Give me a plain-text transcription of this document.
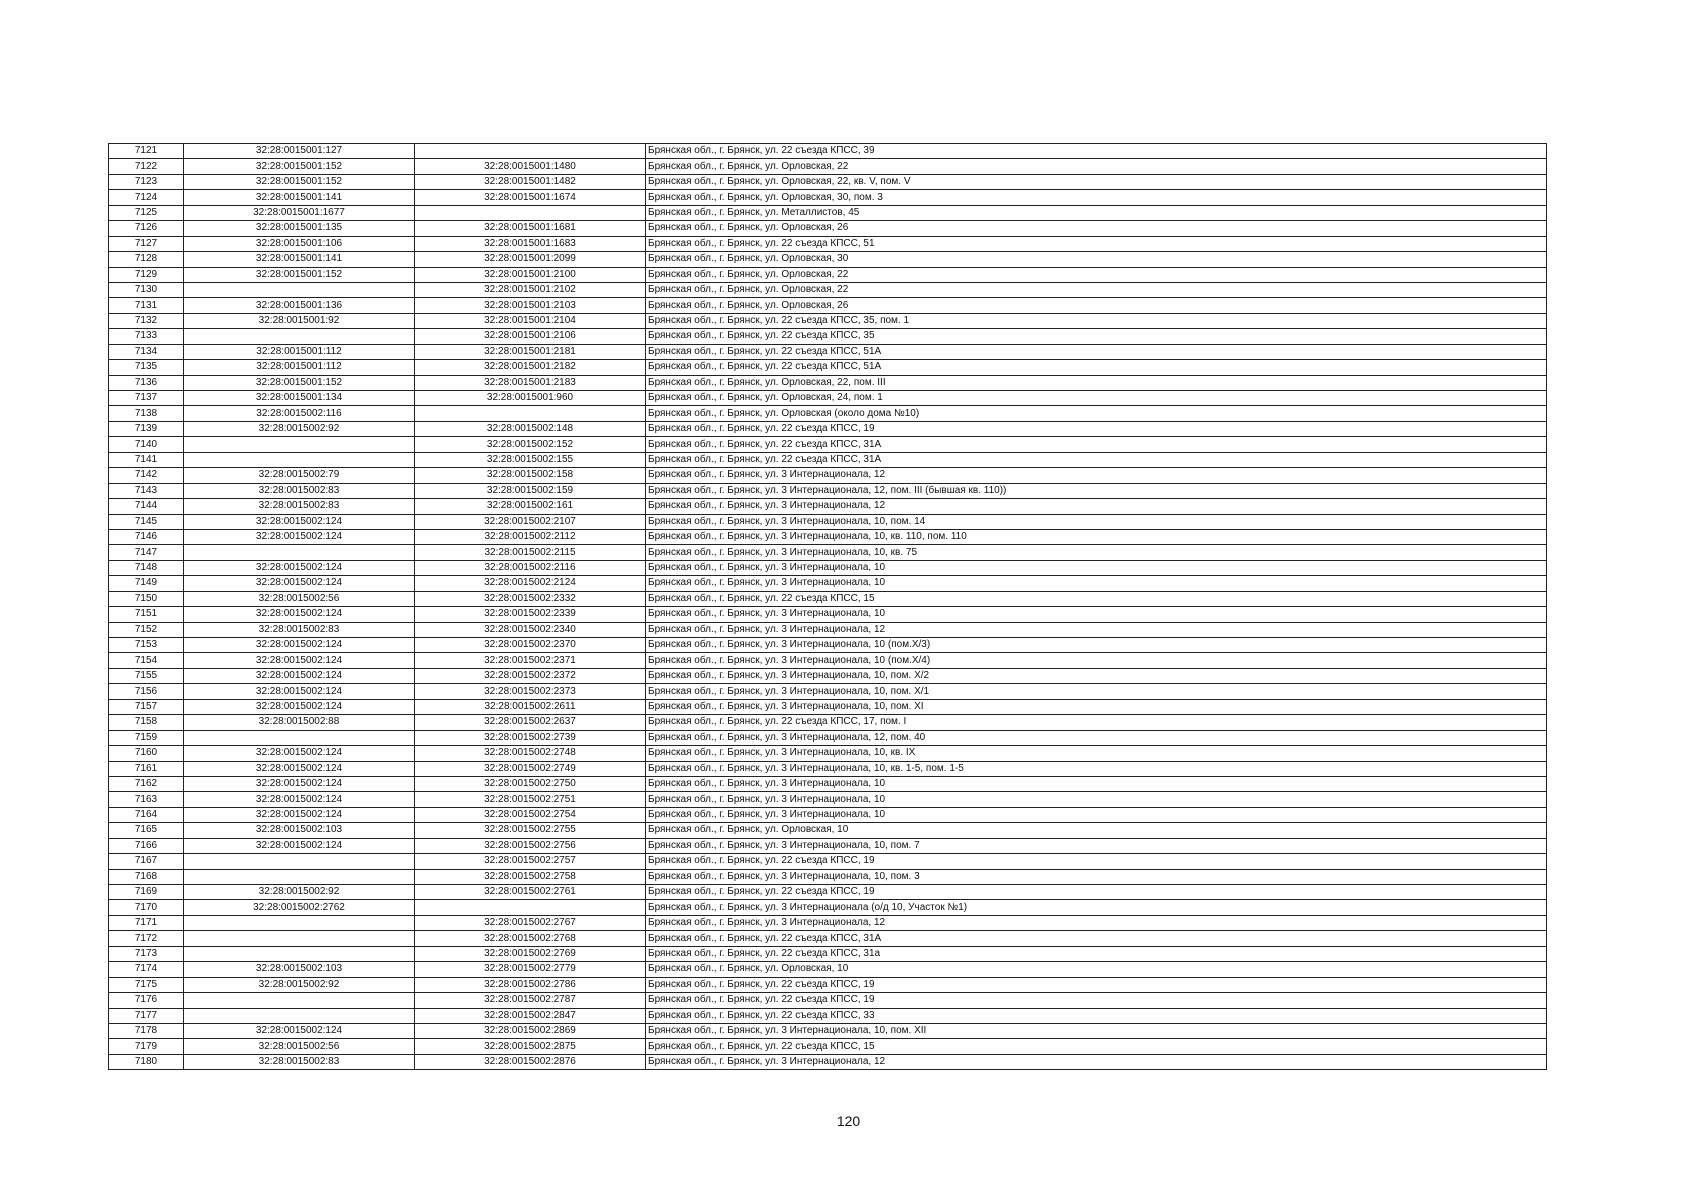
7121	32:28:0015001:127		Брянская обл., г. Брянск, ул. 22 съезда КПСС, 39
7122	32:28:0015001:152	32:28:0015001:1480	Брянская обл., г. Брянск, ул. Орловская, 22
7123	32:28:0015001:152	32:28:0015001:1482	Брянская обл., г. Брянск, ул. Орловская, 22, кв. V, пом. V
7124	32:28:0015001:141	32:28:0015001:1674	Брянская обл., г. Брянск, ул. Орловская, 30, пом. 3
7125	32:28:0015001:1677		Брянская обл., г. Брянск, ул. Металлистов, 45
7126	32:28:0015001:135	32:28:0015001:1681	Брянская обл., г. Брянск, ул. Орловская, 26
7127	32:28:0015001:106	32:28:0015001:1683	Брянская обл., г. Брянск, ул. 22 съезда КПСС, 51
7128	32:28:0015001:141	32:28:0015001:2099	Брянская обл., г. Брянск, ул. Орловская, 30
7129	32:28:0015001:152	32:28:0015001:2100	Брянская обл., г. Брянск, ул. Орловская, 22
7130		32:28:0015001:2102	Брянская обл., г. Брянск, ул. Орловская, 22
7131	32:28:0015001:136	32:28:0015001:2103	Брянская обл., г. Брянск, ул. Орловская, 26
7132	32:28:0015001:92	32:28:0015001:2104	Брянская обл., г. Брянск, ул. 22 съезда КПСС, 35, пом. 1
7133		32:28:0015001:2106	Брянская обл., г. Брянск, ул. 22 съезда КПСС, 35
7134	32:28:0015001:112	32:28:0015001:2181	Брянская обл., г. Брянск, ул. 22 съезда КПСС, 51А
7135	32:28:0015001:112	32:28:0015001:2182	Брянская обл., г. Брянск, ул. 22 съезда КПСС, 51А
7136	32:28:0015001:152	32:28:0015001:2183	Брянская обл., г. Брянск, ул. Орловская, 22, пом. III
7137	32:28:0015001:134	32:28:0015001:960	Брянская обл., г. Брянск, ул. Орловская, 24, пом. 1
7138	32:28:0015002:116		Брянская обл., г. Брянск, ул. Орловская (около дома №10)
7139	32:28:0015002:92	32:28:0015002:148	Брянская обл., г. Брянск, ул. 22 съезда КПСС, 19
7140		32:28:0015002:152	Брянская обл., г. Брянск, ул. 22 съезда КПСС, 31А
7141		32:28:0015002:155	Брянская обл., г. Брянск, ул. 22 съезда КПСС, 31А
7142	32:28:0015002:79	32:28:0015002:158	Брянская обл., г. Брянск, ул. 3 Интернационала, 12
7143	32:28:0015002:83	32:28:0015002:159	Брянская обл., г. Брянск, ул. 3 Интернационала, 12, пом. III (бывшая кв. 110))
7144	32:28:0015002:83	32:28:0015002:161	Брянская обл., г. Брянск, ул. 3 Интернационала, 12
7145	32:28:0015002:124	32:28:0015002:2107	Брянская обл., г. Брянск, ул. 3 Интернационала, 10, пом. 14
7146	32:28:0015002:124	32:28:0015002:2112	Брянская обл., г. Брянск, ул. 3 Интернационала, 10, кв. 110, пом. 110
7147		32:28:0015002:2115	Брянская обл., г. Брянск, ул. 3 Интернационала, 10, кв. 75
7148	32:28:0015002:124	32:28:0015002:2116	Брянская обл., г. Брянск, ул. 3 Интернационала, 10
7149	32:28:0015002:124	32:28:0015002:2124	Брянская обл., г. Брянск, ул. 3 Интернационала, 10
7150	32:28:0015002:56	32:28:0015002:2332	Брянская обл., г. Брянск, ул. 22 съезда КПСС, 15
7151	32:28:0015002:124	32:28:0015002:2339	Брянская обл., г. Брянск, ул. 3 Интернационала, 10
7152	32:28:0015002:83	32:28:0015002:2340	Брянская обл., г. Брянск, ул. 3 Интернационала, 12
7153	32:28:0015002:124	32:28:0015002:2370	Брянская обл., г. Брянск, ул. 3 Интернационала, 10 (пом.Х/3)
7154	32:28:0015002:124	32:28:0015002:2371	Брянская обл., г. Брянск, ул. 3 Интернационала, 10 (пом.Х/4)
7155	32:28:0015002:124	32:28:0015002:2372	Брянская обл., г. Брянск, ул. 3 Интернационала, 10, пом. Х/2
7156	32:28:0015002:124	32:28:0015002:2373	Брянская обл., г. Брянск, ул. 3 Интернационала, 10, пом. Х/1
7157	32:28:0015002:124	32:28:0015002:2611	Брянская обл., г. Брянск, ул. 3 Интернационала, 10, пом. XI
7158	32:28:0015002:88	32:28:0015002:2637	Брянская обл., г. Брянск, ул. 22 съезда КПСС, 17, пом. I
7159		32:28:0015002:2739	Брянская обл., г. Брянск, ул. 3 Интернационала, 12, пом. 40
7160	32:28:0015002:124	32:28:0015002:2748	Брянская обл., г. Брянск, ул. 3 Интернационала, 10, кв. IX
7161	32:28:0015002:124	32:28:0015002:2749	Брянская обл., г. Брянск, ул. 3 Интернационала, 10, кв. 1-5, пом. 1-5
7162	32:28:0015002:124	32:28:0015002:2750	Брянская обл., г. Брянск, ул. 3 Интернационала, 10
7163	32:28:0015002:124	32:28:0015002:2751	Брянская обл., г. Брянск, ул. 3 Интернационала, 10
7164	32:28:0015002:124	32:28:0015002:2754	Брянская обл., г. Брянск, ул. 3 Интернационала, 10
7165	32:28:0015002:103	32:28:0015002:2755	Брянская обл., г. Брянск, ул. Орловская, 10
7166	32:28:0015002:124	32:28:0015002:2756	Брянская обл., г. Брянск, ул. 3 Интернационала, 10, пом. 7
7167		32:28:0015002:2757	Брянская обл., г. Брянск, ул. 22 съезда КПСС, 19
7168		32:28:0015002:2758	Брянская обл., г. Брянск, ул. 3 Интернационала, 10, пом. 3
7169	32:28:0015002:92	32:28:0015002:2761	Брянская обл., г. Брянск, ул. 22 съезда КПСС, 19
7170	32:28:0015002:2762		Брянская обл., г. Брянск, ул. 3 Интернационала (о/д 10, Участок №1)
7171		32:28:0015002:2767	Брянская обл., г. Брянск, ул. 3 Интернационала, 12
7172		32:28:0015002:2768	Брянская обл., г. Брянск, ул. 22 съезда КПСС, 31А
7173		32:28:0015002:2769	Брянская обл., г. Брянск, ул. 22 съезда КПСС, 31а
7174	32:28:0015002:103	32:28:0015002:2779	Брянская обл., г. Брянск, ул. Орловская, 10
7175	32:28:0015002:92	32:28:0015002:2786	Брянская обл., г. Брянск, ул. 22 съезда КПСС, 19
7176		32:28:0015002:2787	Брянская обл., г. Брянск, ул. 22 съезда КПСС, 19
7177		32:28:0015002:2847	Брянская обл., г. Брянск, ул. 22 съезда КПСС, 33
7178	32:28:0015002:124	32:28:0015002:2869	Брянская обл., г. Брянск, ул. 3 Интернационала, 10, пом. XII
7179	32:28:0015002:56	32:28:0015002:2875	Брянская обл., г. Брянск, ул. 22 съезда КПСС, 15
7180	32:28:0015002:83	32:28:0015002:2876	Брянская обл., г. Брянск, ул. 3 Интернационала, 12
120
